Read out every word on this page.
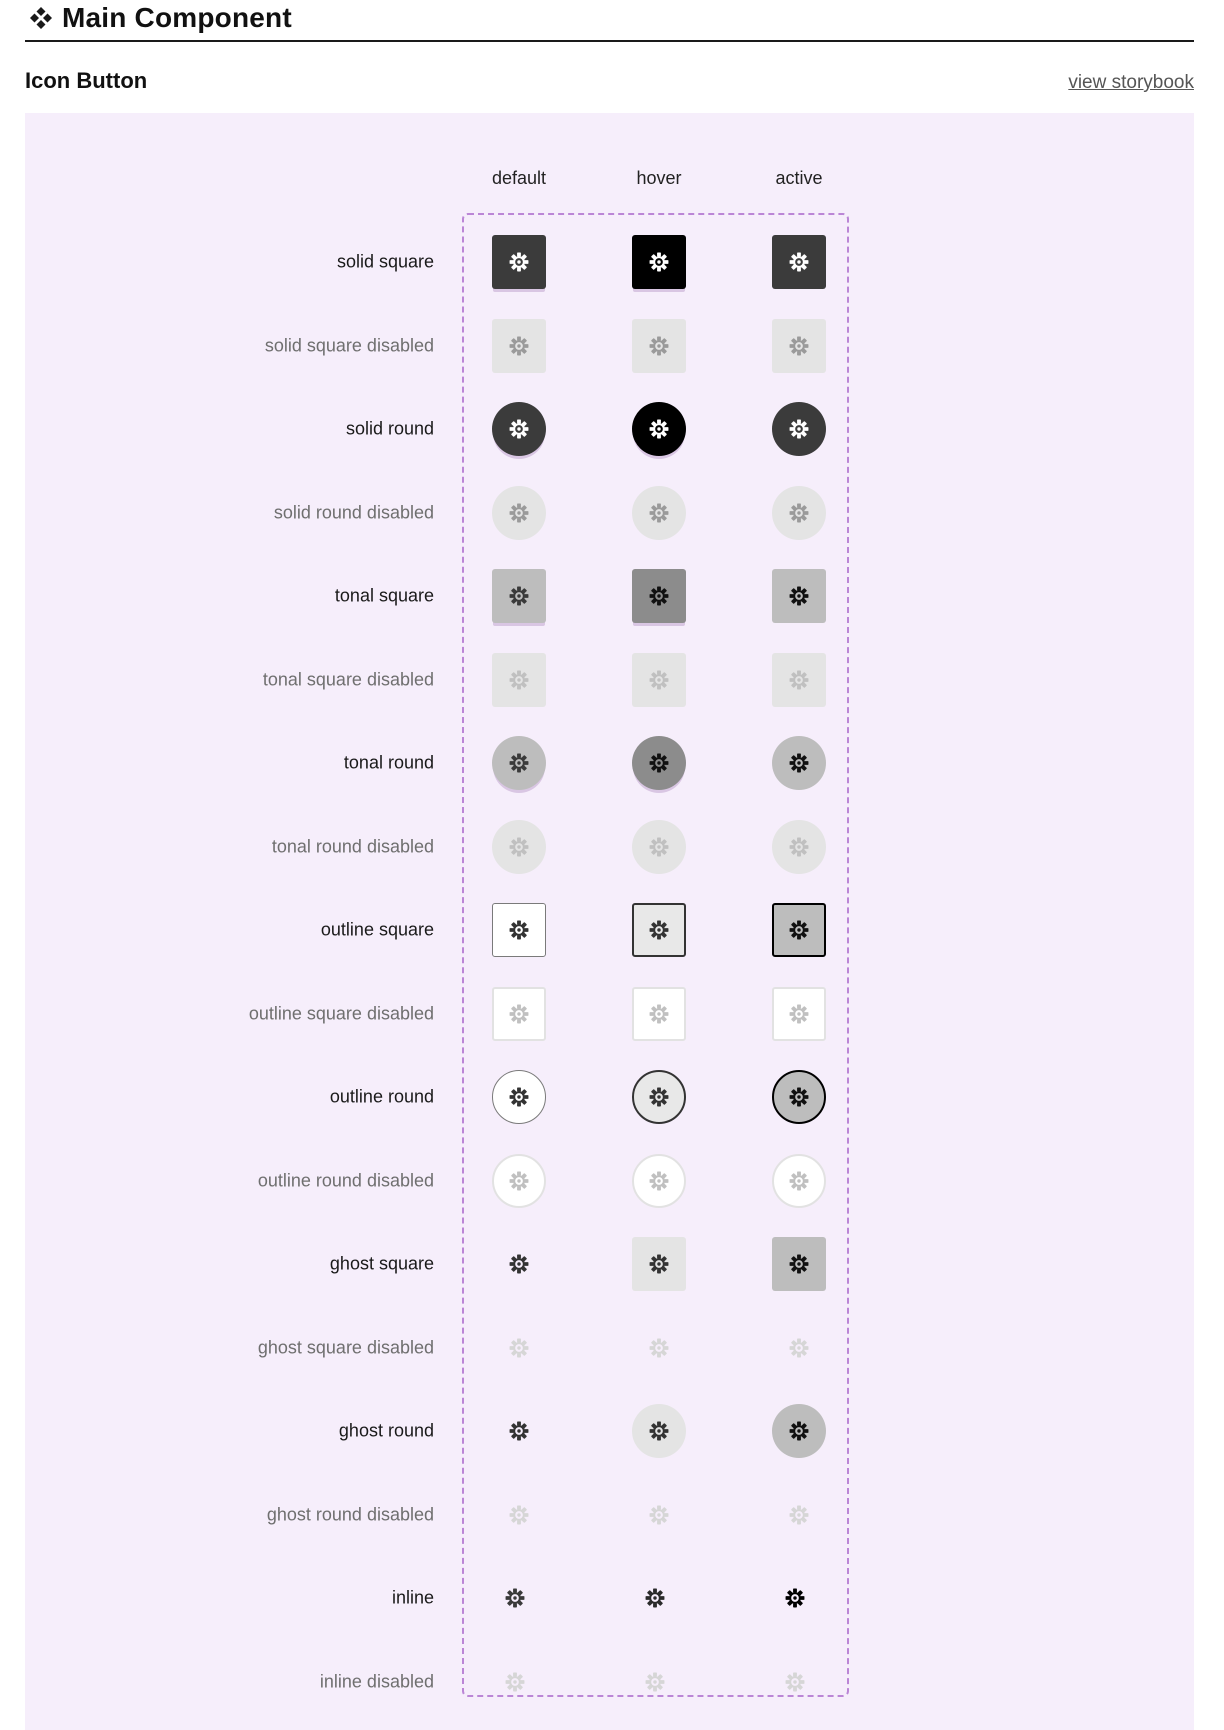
Main Component
Icon Button	view storybook
default	hover	active
solid square
solid square disabled
solid round
solid round disabled
tonal square
tonal square disabled
tonal round
tonal round disabled
outline square
outline square disabled
outline round
outline round disabled
ghost square
ghost square disabled
ghost round
ghost round disabled
inline
inline disabled
